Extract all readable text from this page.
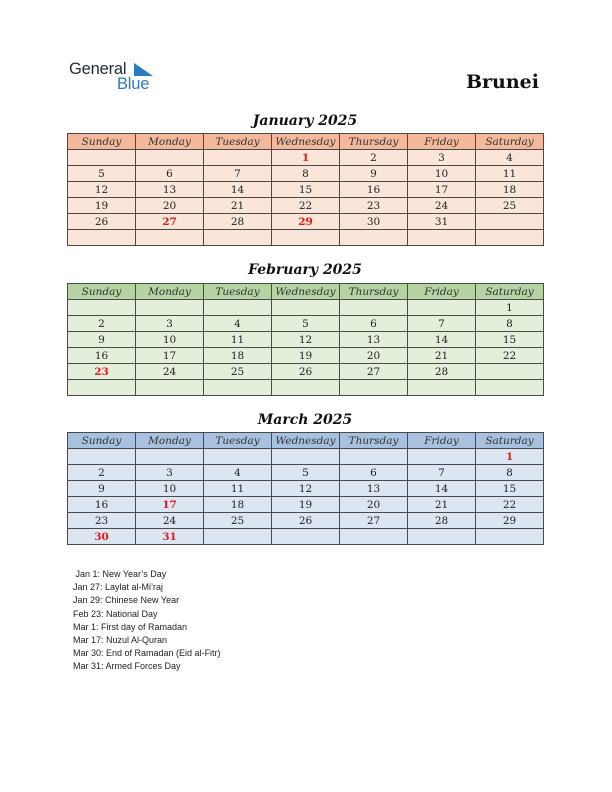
General
Blue	Brunei
January 2025
Sunday	Monday	Tuesday	Wednesday	Thursday	Friday	Saturday
			1	2	3	4
5	6	7	8	9	10	11
12	13	14	15	16	17	18
19	20	21	22	23	24	25
26	27	28	29	30	31	

February 2025
Sunday	Monday	Tuesday	Wednesday	Thursday	Friday	Saturday
						1
2	3	4	5	6	7	8
9	10	11	12	13	14	15
16	17	18	19	20	21	22
23	24	25	26	27	28	

March 2025
Sunday	Monday	Tuesday	Wednesday	Thursday	Friday	Saturday
						1
2	3	4	5	6	7	8
9	10	11	12	13	14	15
16	17	18	19	20	21	22
23	24	25	26	27	28	29
30	31					
Jan 1: New Year’s Day
Jan 27: Laylat al-Mi’raj
Jan 29: Chinese New Year
Feb 23: National Day
Mar 1: First day of Ramadan
Mar 17: Nuzul Al-Quran
Mar 30: End of Ramadan (Eid al-Fitr)
Mar 31: Armed Forces Day
